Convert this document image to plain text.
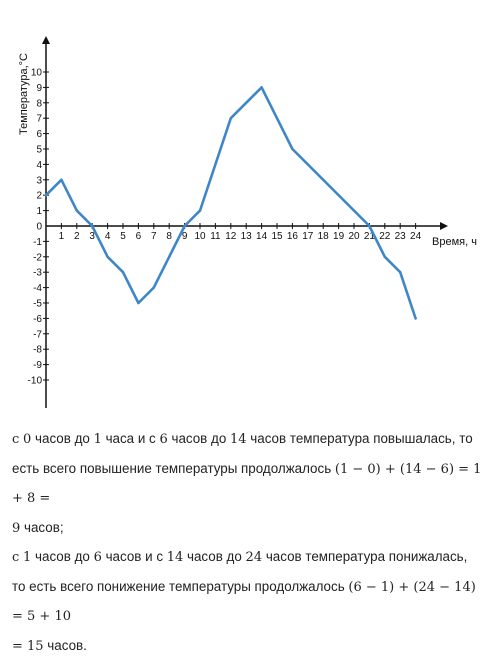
10
9
8
7
6
5
4
3
2
1
0
-1
-2
-3
-4
-5
-6
-7
-8
-9
-10
1 2 3 4 5 6 7 8 9 10 11 12 13 14 15 16 17 18 19 20 21 22 23 24
Температура,°С
Время, ч

с 0 часов до 1 часа и с 6 часов до 14 часов температура повышалась, то есть всего повышение температуры продолжалось (1 − 0) + (14 − 6) = 1 + 8 =
9 часов;

с 1 часов до 6 часов и с 14 часов до 24 часов температура понижалась, то есть всего понижение температуры продолжалось (6 − 1) + (24 − 14) = 5 + 10
= 15 часов.
